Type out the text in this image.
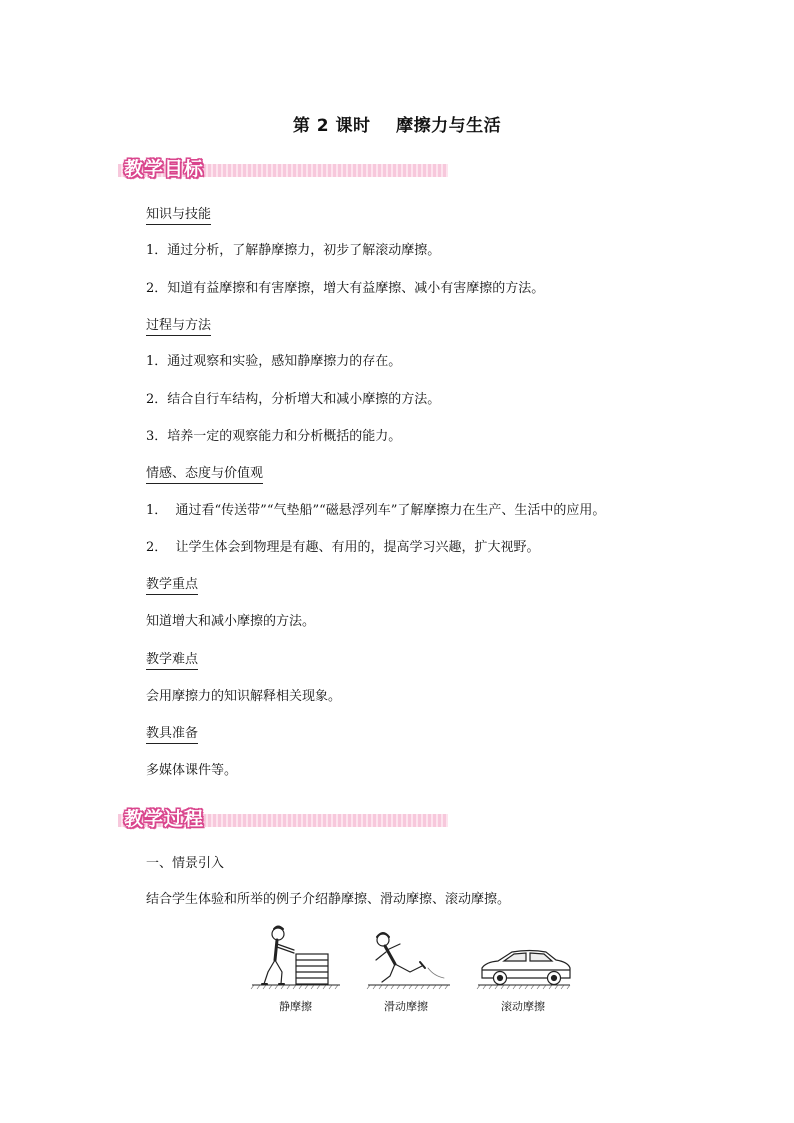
第 2 课时    摩擦力与生活
教学目标
知识与技能
1．通过分析，了解静摩擦力，初步了解滚动摩擦。
2．知道有益摩擦和有害摩擦，增大有益摩擦、减小有害摩擦的方法。
过程与方法
1．通过观察和实验，感知静摩擦力的存在。
2．结合自行车结构，分析增大和减小摩擦的方法。
3．培养一定的观察能力和分析概括的能力。
情感、态度与价值观
1．  通过看“传送带”“气垫船”“磁悬浮列车”了解摩擦力在生产、生活中的应用。
2．  让学生体会到物理是有趣、有用的，提高学习兴趣，扩大视野。
教学重点
知道增大和减小摩擦的方法。
教学难点
会用摩擦力的知识解释相关现象。
教具准备
多媒体课件等。
教学过程
一、情景引入
结合学生体验和所举的例子介绍静摩擦、滑动摩擦、滚动摩擦。
静摩擦	滑动摩擦	滚动摩擦
